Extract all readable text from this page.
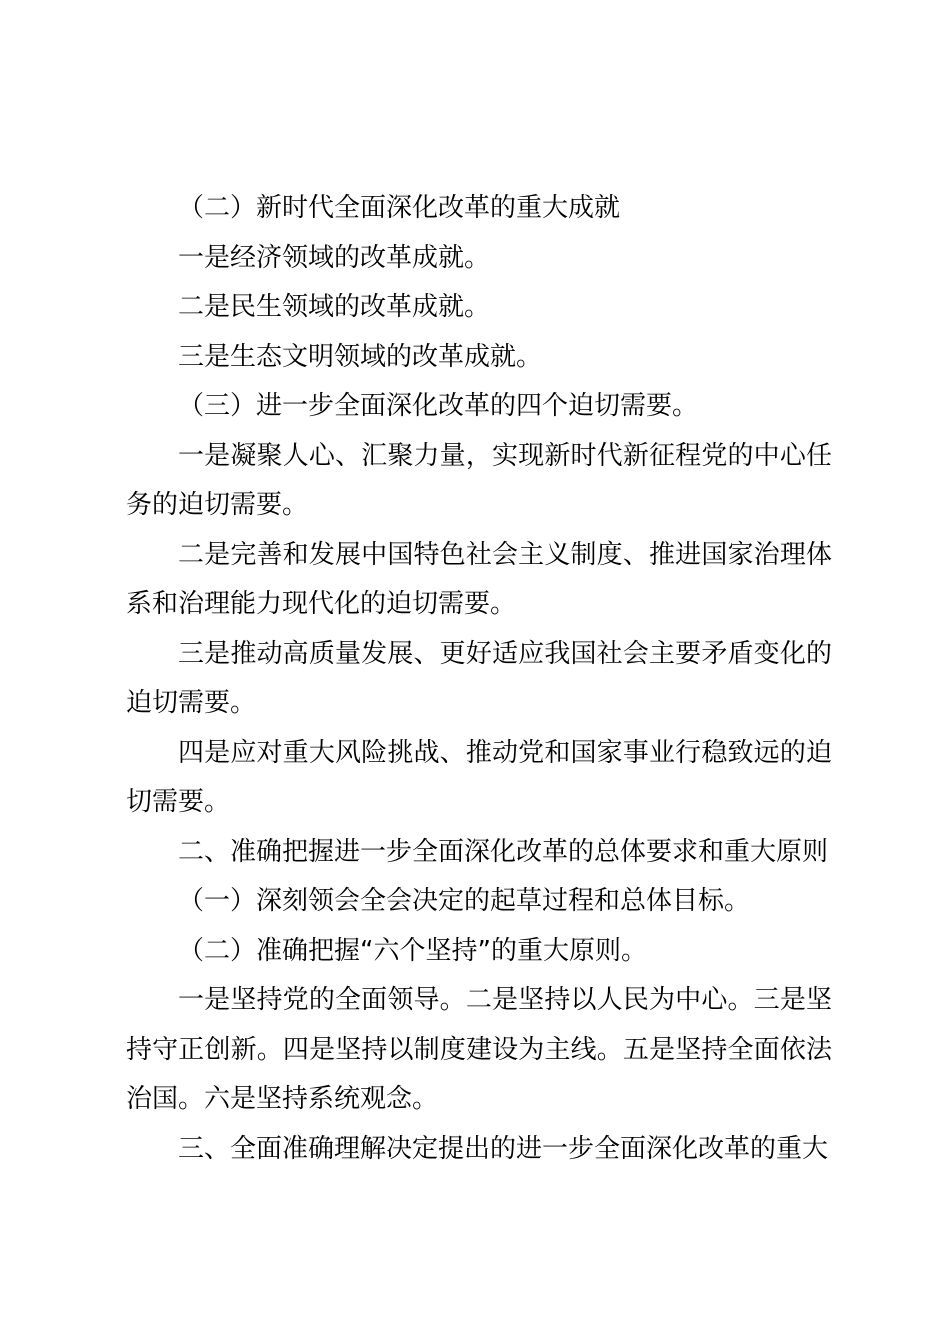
（二）新时代全面深化改革的重大成就

一是经济领域的改革成就。

二是民生领域的改革成就。

三是生态文明领域的改革成就。

（三）进一步全面深化改革的四个迫切需要。

一是凝聚人心、汇聚力量，实现新时代新征程党的中心任务的迫切需要。

二是完善和发展中国特色社会主义制度、推进国家治理体系和治理能力现代化的迫切需要。

三是推动高质量发展、更好适应我国社会主要矛盾变化的迫切需要。

四是应对重大风险挑战、推动党和国家事业行稳致远的迫切需要。

二、准确把握进一步全面深化改革的总体要求和重大原则

（一）深刻领会全会决定的起草过程和总体目标。

（二）准确把握“六个坚持”的重大原则。

一是坚持党的全面领导。二是坚持以人民为中心。三是坚持守正创新。四是坚持以制度建设为主线。五是坚持全面依法治国。六是坚持系统观念。

三、全面准确理解决定提出的进一步全面深化改革的重大
